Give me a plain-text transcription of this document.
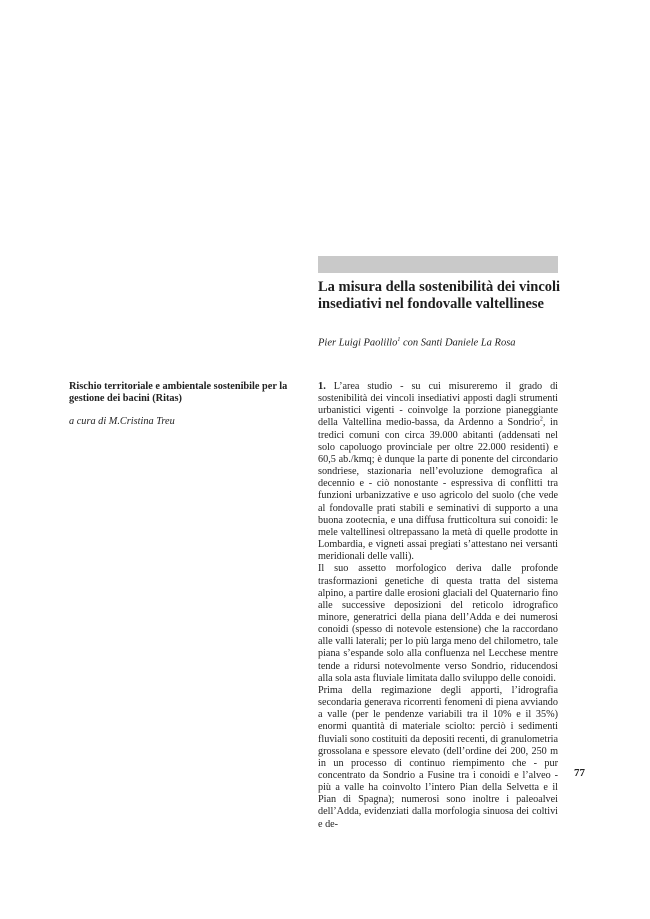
La misura della sostenibilità dei vincoli insediativi nel fondovalle valtellinese
Pier Luigi Paolillo$^1$ con Santi Daniele La Rosa

Rischio territoriale e ambientale sostenibile per la gestione dei bacini (Ritas)

a cura di M.Cristina Treu

1. L’area studio - su cui misureremo il grado di sostenibilità dei vincoli insediativi apposti dagli strumenti urbanistici vigenti - coinvolge la porzione pianeggiante della Valtellina medio-bassa, da Ardenno a Sondrio$^2$, in tredici comuni con circa 39.000 abitanti (addensati nel solo capoluogo provinciale per oltre 22.000 residenti) e 60,5 ab./kmq; è dunque la parte di ponente del circondario sondriese, stazionaria nell’evoluzione demografica al decennio e - ciò nonostante - espressiva di conflitti tra funzioni urbanizzative e uso agricolo del suolo (che vede al fondovalle prati stabili e seminativi di supporto a una buona zootecnia, e una diffusa frutticoltura sui conoidi: le mele valtellinesi oltrepassano la metà di quelle prodotte in Lombardia, e vigneti assai pregiati s’attestano nei versanti meridionali delle valli).

Il suo assetto morfologico deriva dalle profonde trasformazioni genetiche di questa tratta del sistema alpino, a partire dalle erosioni glaciali del Quaternario fino alle successive deposizioni del reticolo idrografico minore, generatrici della piana dell’Adda e dei numerosi conoidi (spesso di notevole estensione) che la raccordano alle valli laterali; per lo più larga meno del chilometro, tale piana s’espande solo alla confluenza nel Lecchese mentre tende a ridursi notevolmente verso Sondrio, riducendosi alla sola asta fluviale limitata dallo sviluppo delle conoidi.

Prima della regimazione degli apporti, l’idrografia secondaria generava ricorrenti fenomeni di piena avviando a valle (per le pendenze variabili tra il 10% e il 35%) enormi quantità di materiale sciolto: perciò i sedimenti fluviali sono costituiti da depositi recenti, di granulometria grossolana e spessore elevato (dell’ordine dei 200, 250 m in un processo di continuo riempimento che - pur concentrato da Sondrio a Fusine tra i conoidi e l’alveo - più a valle ha coinvolto l’intero Pian della Selvetta e il Pian di Spagna); numerosi sono inoltre i paleoalvei dell’Adda, evidenziati dalla morfologia sinuosa dei coltivi e de-

77
